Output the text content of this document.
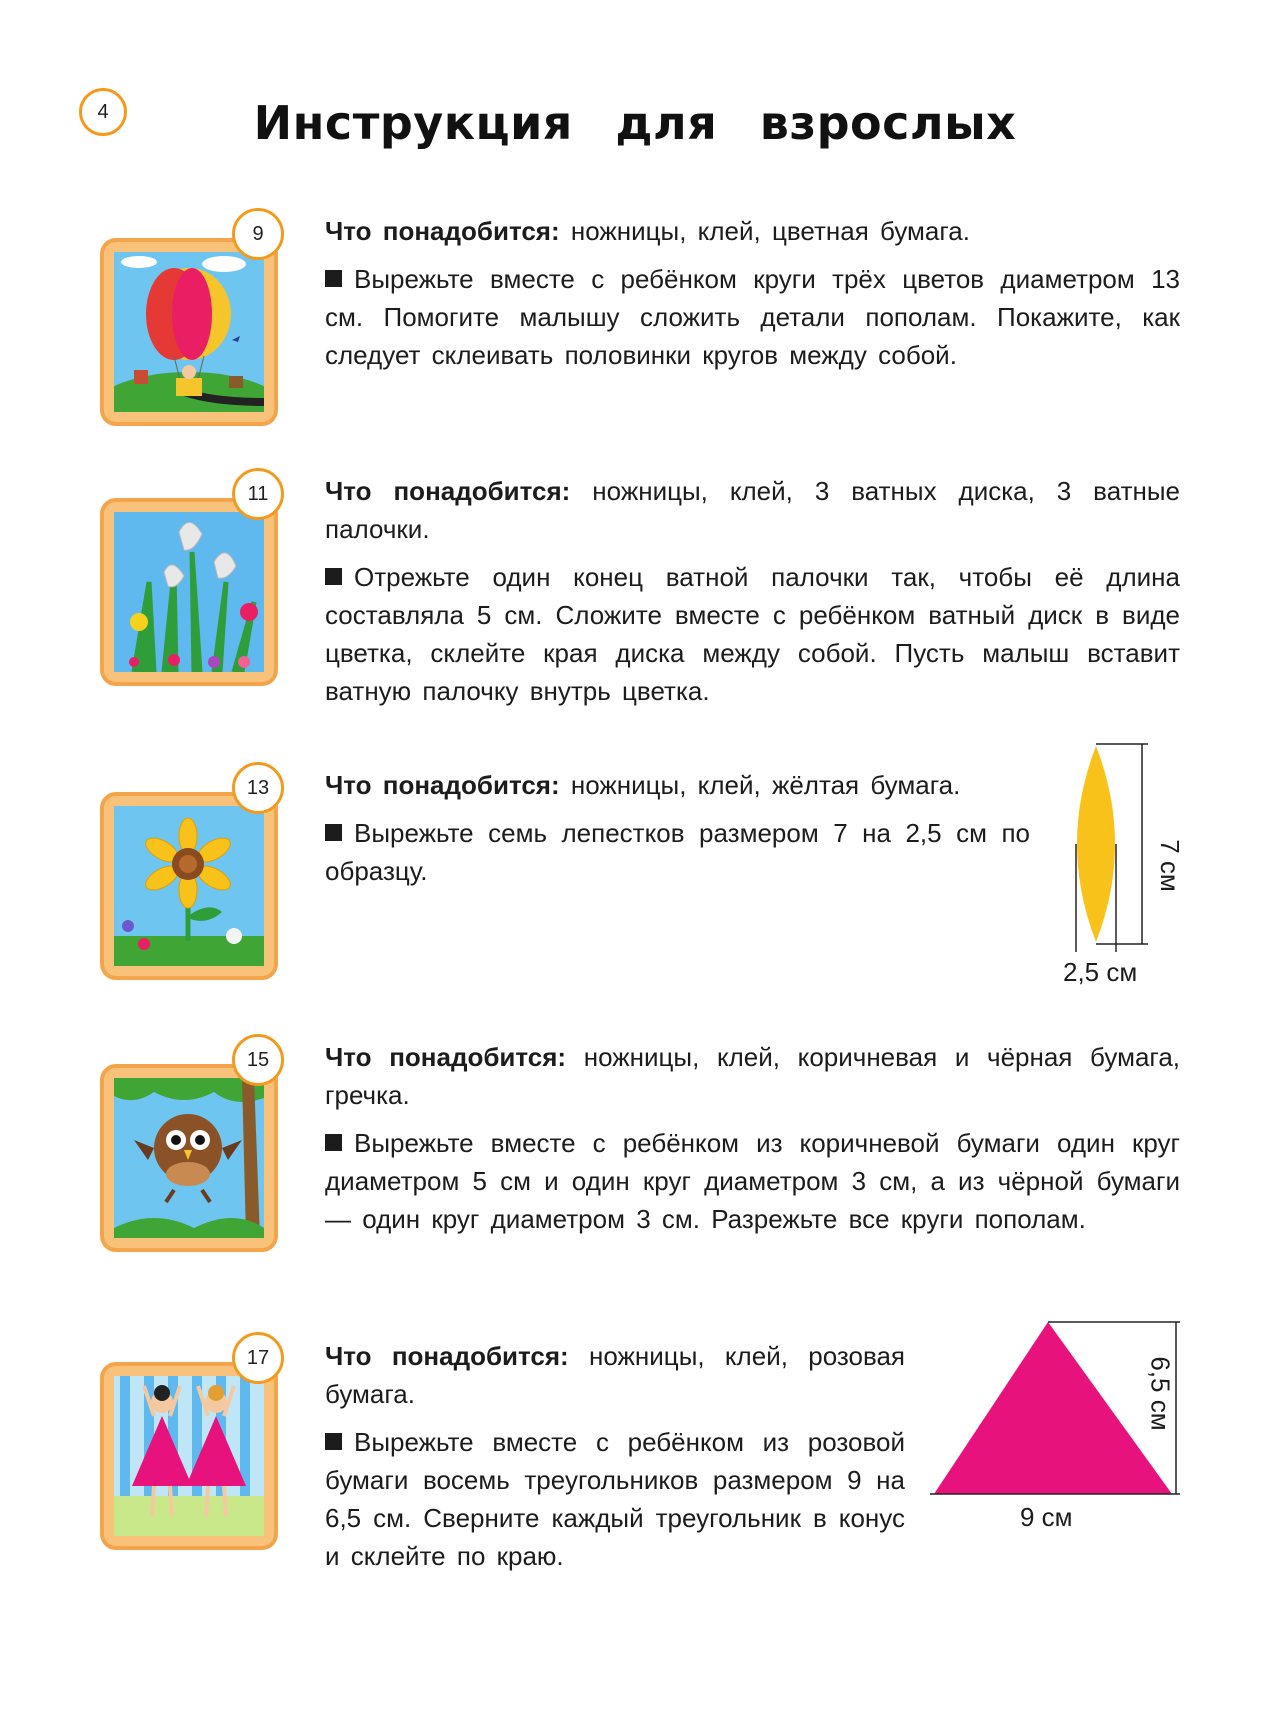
4	Инструкция для взрослых
9 Что понадобится: ножницы, клей, цветная бумага.

Вырежьте вместе с ребёнком круги трёх цветов диаметром 13 см. Помогите малышу сложить детали пополам. Покажите, как следует склеивать половинки кругов между собой.

11 Что понадобится: ножницы, клей, 3 ватных диска, 3 ватные палочки.

Отрежьте один конец ватной палочки так, чтобы её длина составляла 5 см. Сложите вместе с ребёнком ватный диск в виде цветка, склейте края диска между собой. Пусть малыш вставит ватную палочку внутрь цветка.

13 Что понадобится: ножницы, клей, жёлтая бумага.

Вырежьте семь лепестков размером 7 на 2,5 см по образцу.	7 см
2,5 см
15 Что понадобится: ножницы, клей, коричневая и чёрная бумага, гречка.

Вырежьте вместе с ребёнком из коричневой бумаги один круг диаметром 5 см и один круг диаметром 3 см, а из чёрной бумаги — один круг диаметром 3 см. Разрежьте все круги пополам.

17 Что понадобится: ножницы, клей, розовая бумага.

Вырежьте вместе с ребёнком из розовой бумаги восемь треугольников размером 9 на 6,5 см. Сверните каждый треугольник в конус и склейте по краю.

6,5 см
9 см
